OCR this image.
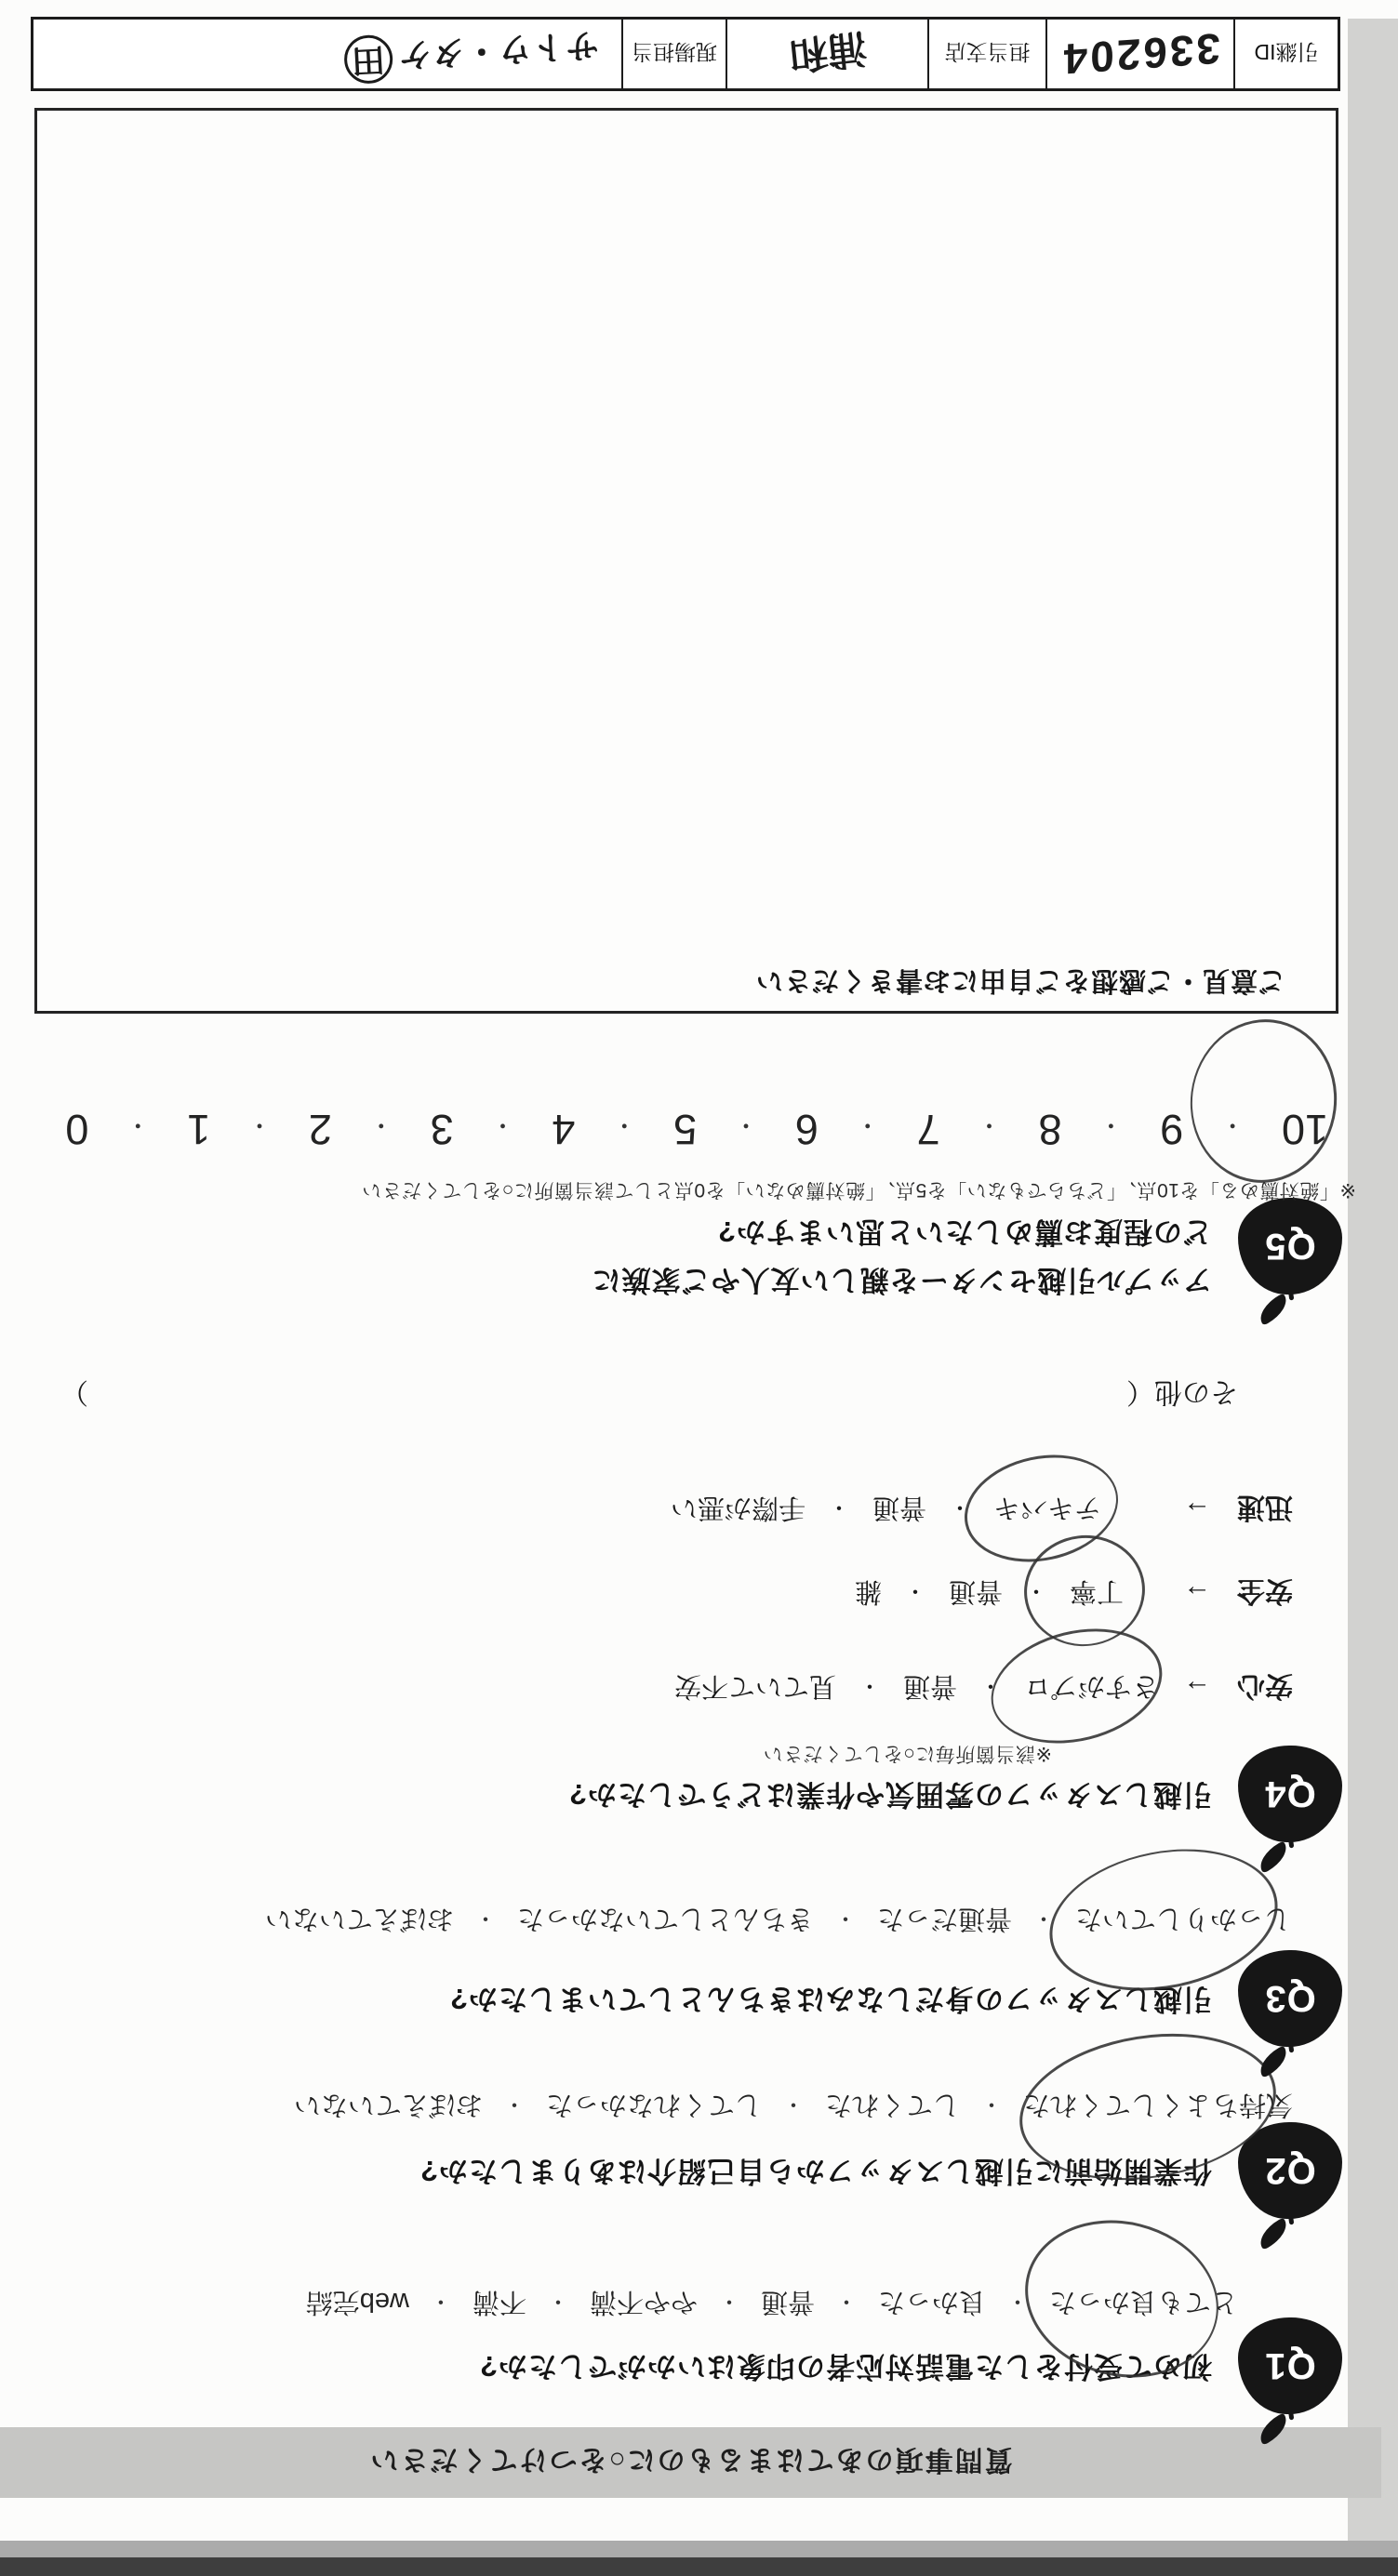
質問事項のあてはまるものに○をつけてください
Q1
初めて受付をした電話対応者の印象はいかがでしたか?
とても良かった
・
良かった
・
普通
・
やや不満
・
不満
・
web完結
Q2
作業開始前に引越しスタッフから自己紹介はありましたか?
気持ちよくしてくれた
・
してくれた
・
してくれなかった
・
おぼえていない
Q3
引越しスタッフの身だしなみはきちんとしていましたか?
しっかりしていた
・
普通だった
・
きちんとしていなかった
・
おぼえていない
Q4
引越しスタッフの雰囲気や作業はどうでしたか?
※該当箇所毎に○をしてください
安心
→
さすがプロ
・
普通
・
見ていて不安
安全
→
丁寧
・
普通
・
雑
迅速
→
テキパキ
・
普通
・
手際が悪い
その他（
）
Q5
アップル引越センターを親しい友人やご家族に
どの程度お薦めしたいと思いますか?
※「絶対薦める」を10点、「どちらでもない」を5点、「絶対薦めない」を0点として該当箇所に○をしてください
10
・
9
・
8
・
7
・
6
・
5
・
4
・
3
・
2
・
1
・
0
ご意見・ご感想をご自由にお書きください
引継ID
336204
担当支店
浦和
現場担当
サトウ・タケ
田
